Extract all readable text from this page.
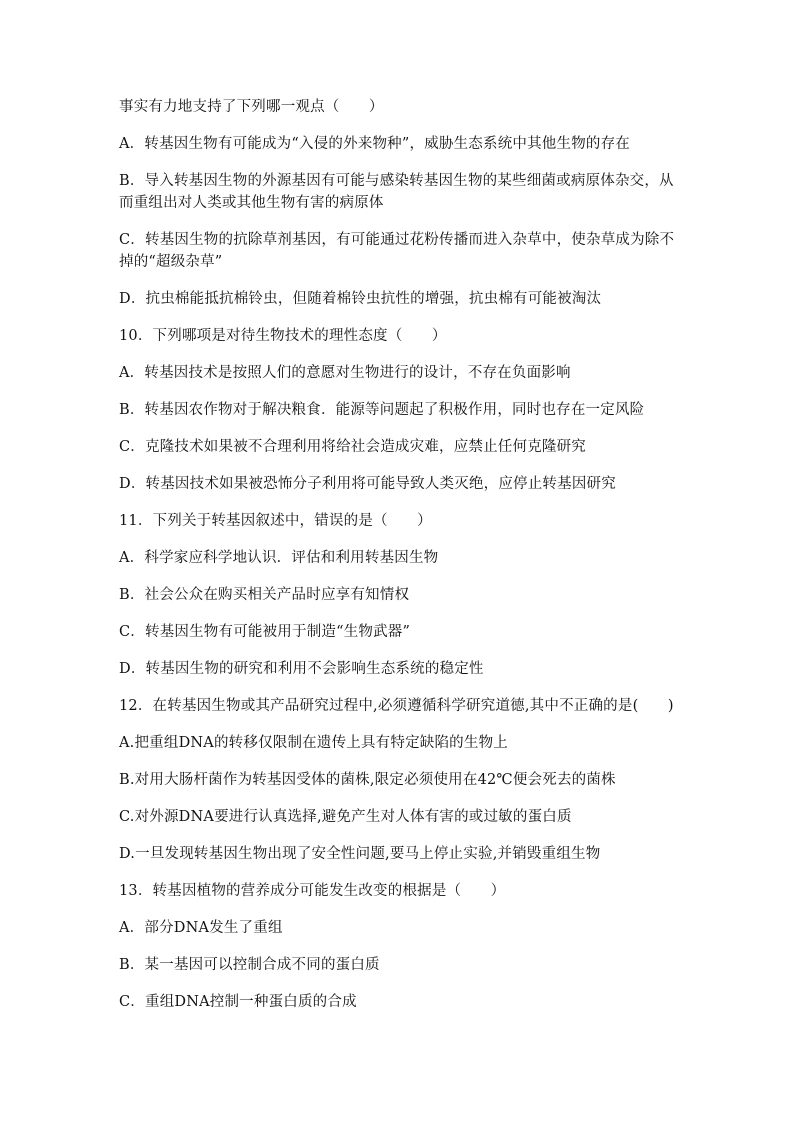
事实有力地支持了下列哪一观点（　　）
A．转基因生物有可能成为“入侵的外来物种”，威胁生态系统中其他生物的存在
B．导入转基因生物的外源基因有可能与感染转基因生物的某些细菌或病原体杂交，从
而重组出对人类或其他生物有害的病原体
C．转基因生物的抗除草剂基因，有可能通过花粉传播而进入杂草中，使杂草成为除不
掉的“超级杂草”
D．抗虫棉能抵抗棉铃虫，但随着棉铃虫抗性的增强，抗虫棉有可能被淘汰
10．下列哪项是对待生物技术的理性态度（　　）
A．转基因技术是按照人们的意愿对生物进行的设计，不存在负面影响
B．转基因农作物对于解决粮食．能源等问题起了积极作用，同时也存在一定风险
C．克隆技术如果被不合理利用将给社会造成灾难，应禁止任何克隆研究
D．转基因技术如果被恐怖分子利用将可能导致人类灭绝，应停止转基因研究
11．下列关于转基因叙述中，错误的是（　　）
A．科学家应科学地认识．评估和利用转基因生物
B．社会公众在购买相关产品时应享有知情权
C．转基因生物有可能被用于制造“生物武器”
D．转基因生物的研究和利用不会影响生态系统的稳定性
12．在转基因生物或其产品研究过程中,必须遵循科学研究道德,其中不正确的是(　　)
A.把重组DNA的转移仅限制在遗传上具有特定缺陷的生物上
B.对用大肠杆菌作为转基因受体的菌株,限定必须使用在42℃便会死去的菌株
C.对外源DNA要进行认真选择,避免产生对人体有害的或过敏的蛋白质
D.一旦发现转基因生物出现了安全性问题,要马上停止实验,并销毁重组生物
13．转基因植物的营养成分可能发生改变的根据是（　　）
A．部分DNA发生了重组
B．某一基因可以控制合成不同的蛋白质
C．重组DNA控制一种蛋白质的合成
